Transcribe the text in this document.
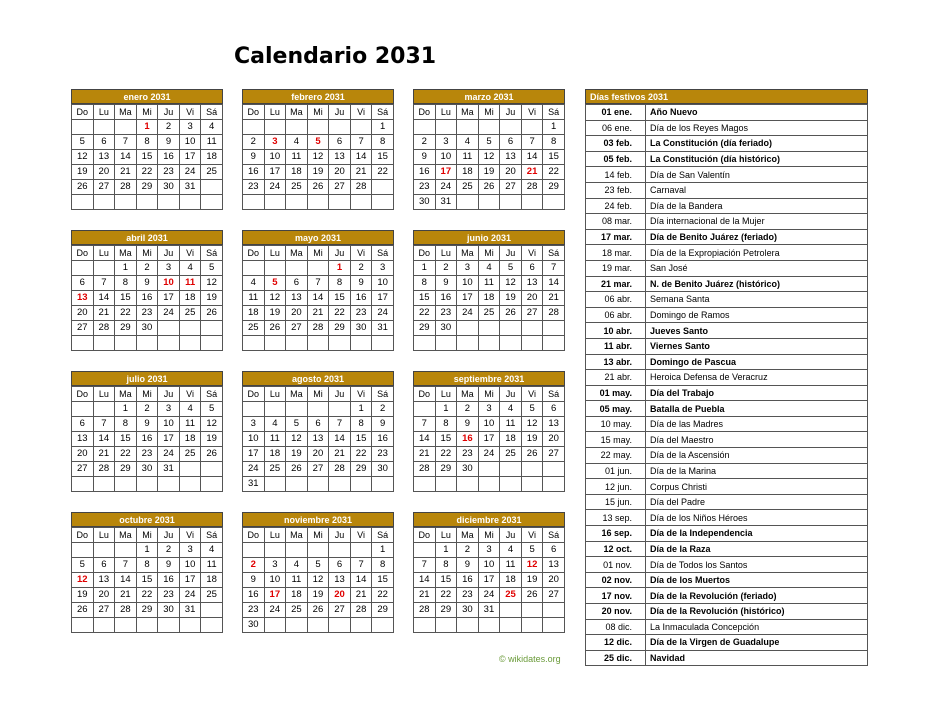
Calendario 2031
enero 2031
Do	Lu	Ma	Mi	Ju	Vi	Sá
			1	2	3	4
5	6	7	8	9	10	11
12	13	14	15	16	17	18
19	20	21	22	23	24	25
26	27	28	29	30	31	

febrero 2031
Do	Lu	Ma	Mi	Ju	Vi	Sá
						1
2	3	4	5	6	7	8
9	10	11	12	13	14	15
16	17	18	19	20	21	22
23	24	25	26	27	28	

marzo 2031
Do	Lu	Ma	Mi	Ju	Vi	Sá
						1
2	3	4	5	6	7	8
9	10	11	12	13	14	15
16	17	18	19	20	21	22
23	24	25	26	27	28	29
30	31					
abril 2031
Do	Lu	Ma	Mi	Ju	Vi	Sá
		1	2	3	4	5
6	7	8	9	10	11	12
13	14	15	16	17	18	19
20	21	22	23	24	25	26
27	28	29	30			

mayo 2031
Do	Lu	Ma	Mi	Ju	Vi	Sá
				1	2	3
4	5	6	7	8	9	10
11	12	13	14	15	16	17
18	19	20	21	22	23	24
25	26	27	28	29	30	31

junio 2031
Do	Lu	Ma	Mi	Ju	Vi	Sá
1	2	3	4	5	6	7
8	9	10	11	12	13	14
15	16	17	18	19	20	21
22	23	24	25	26	27	28
29	30					

julio 2031
Do	Lu	Ma	Mi	Ju	Vi	Sá
		1	2	3	4	5
6	7	8	9	10	11	12
13	14	15	16	17	18	19
20	21	22	23	24	25	26
27	28	29	30	31		

agosto 2031
Do	Lu	Ma	Mi	Ju	Vi	Sá
					1	2
3	4	5	6	7	8	9
10	11	12	13	14	15	16
17	18	19	20	21	22	23
24	25	26	27	28	29	30
31						
septiembre 2031
Do	Lu	Ma	Mi	Ju	Vi	Sá
	1	2	3	4	5	6
7	8	9	10	11	12	13
14	15	16	17	18	19	20
21	22	23	24	25	26	27
28	29	30				

octubre 2031
Do	Lu	Ma	Mi	Ju	Vi	Sá
			1	2	3	4
5	6	7	8	9	10	11
12	13	14	15	16	17	18
19	20	21	22	23	24	25
26	27	28	29	30	31	

noviembre 2031
Do	Lu	Ma	Mi	Ju	Vi	Sá
						1
2	3	4	5	6	7	8
9	10	11	12	13	14	15
16	17	18	19	20	21	22
23	24	25	26	27	28	29
30						
diciembre 2031
Do	Lu	Ma	Mi	Ju	Vi	Sá
	1	2	3	4	5	6
7	8	9	10	11	12	13
14	15	16	17	18	19	20
21	22	23	24	25	26	27
28	29	30	31			

Días festivos 2031
01 ene.	Año Nuevo
06 ene.	Día de los Reyes Magos
03 feb.	La Constitución (día feriado)
05 feb.	La Constitución (día histórico)
14 feb.	Día de San Valentín
23 feb.	Carnaval
24 feb.	Día de la Bandera
08 mar.	Día internacional de la Mujer
17 mar.	Día de Benito Juárez (feriado)
18 mar.	Día de la Expropiación Petrolera
19 mar.	San José
21 mar.	N. de Benito Juárez (histórico)
06 abr.	Semana Santa
06 abr.	Domingo de Ramos
10 abr.	Jueves Santo
11 abr.	Viernes Santo
13 abr.	Domingo de Pascua
21 abr.	Heroica Defensa de Veracruz
01 may.	Día del Trabajo
05 may.	Batalla de Puebla
10 may.	Día de las Madres
15 may.	Día del Maestro
22 may.	Día de la Ascensión
01 jun.	Día de la Marina
12 jun.	Corpus Christi
15 jun.	Día del Padre
13 sep.	Día de los Niños Héroes
16 sep.	Día de la Independencia
12 oct.	Día de la Raza
01 nov.	Día de Todos los Santos
02 nov.	Día de los Muertos
17 nov.	Día de la Revolución (feriado)
20 nov.	Día de la Revolución (histórico)
08 dic.	La Inmaculada Concepción
12 dic.	Día de la Virgen de Guadalupe
25 dic.	Navidad
© wikidates.org
